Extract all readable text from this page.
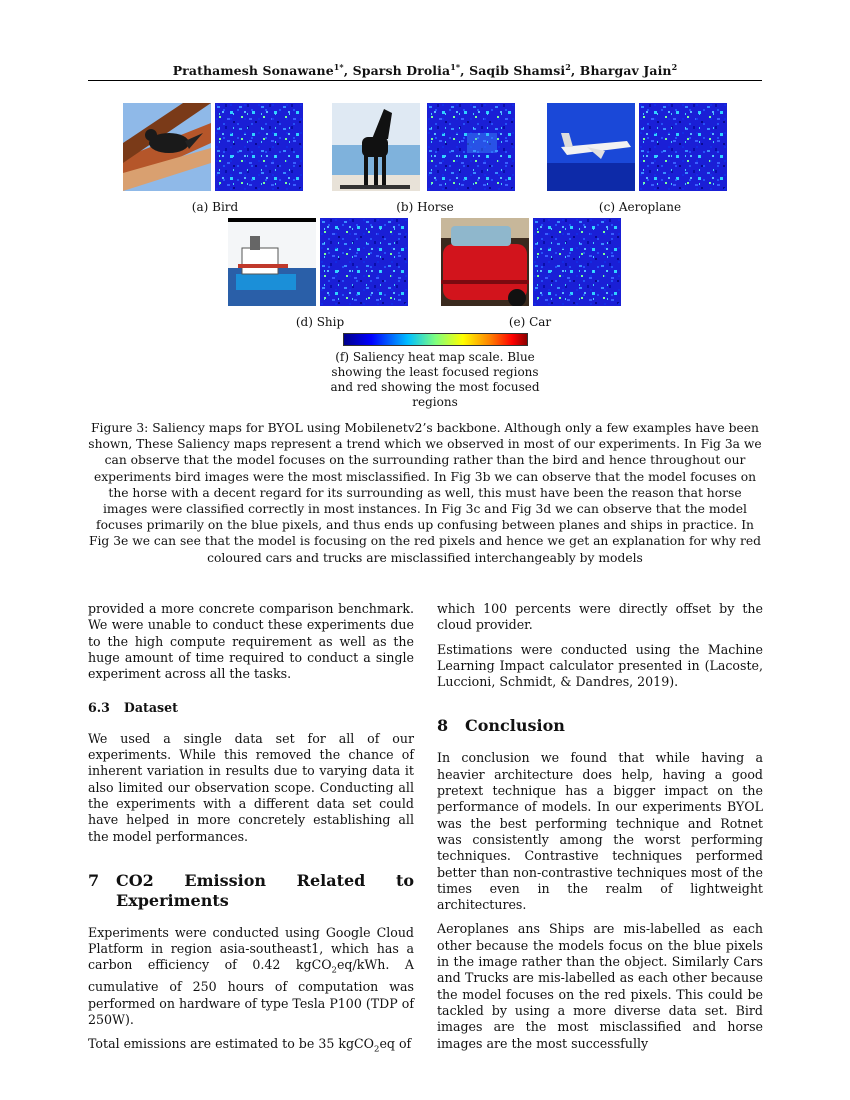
Prathamesh Sonawane$^{1*}$, Sparsh Drolia$^{1*}$, Saqib Shamsi$^2$, Bhargav Jain$^2$
(a) Bird	(b) Horse	(c) Aeroplane
(d) Ship	(e) Car
(f) Saliency heat map scale. Blue showing the least focused regions and red showing the most focused regions
Figure 3: Saliency maps for BYOL using Mobilenetv2’s backbone. Although only a few examples have been shown, These Saliency maps represent a trend which we observed in most of our experiments. In Fig 3a we can observe that the model focuses on the surrounding rather than the bird and hence throughout our experiments bird images were the most misclassified. In Fig 3b we can observe that the model focuses on the horse with a decent regard for its surrounding as well, this must have been the reason that horse images were classified correctly in most instances. In Fig 3c and Fig 3d we can observe that the model focuses primarily on the blue pixels, and thus ends up confusing between planes and ships in practice. In Fig 3e we can see that the model is focusing on the red pixels and hence we get an explanation for why red coloured cars and trucks are misclassified interchangeably by models

provided a more concrete comparison benchmark. We were unable to conduct these experiments due to the high compute requirement as well as the huge amount of time required to conduct a single experiment across all the tasks.

6.3 Dataset

We used a single data set for all of our experiments. While this removed the chance of inherent variation in results due to varying data it also limited our observation scope. Conducting all the experiments with a different data set could have helped in more concretely establishing all the model performances.

7	CO2 Emission Related to Experiments

Experiments were conducted using Google Cloud Platform in region asia-southeast1, which has a carbon efficiency of 0.42 kgCO$_2$eq/kWh. A cumulative of 250 hours of computation was performed on hardware of type Tesla P100 (TDP of 250W).

Total emissions are estimated to be 35 kgCO$_2$eq of

which 100 percents were directly offset by the cloud provider.

Estimations were conducted using the Machine Learning Impact calculator presented in (Lacoste, Luccioni, Schmidt, & Dandres, 2019).

8	Conclusion

In conclusion we found that while having a heavier architecture does help, having a good pretext technique has a bigger impact on the performance of models. In our experiments BYOL was the best performing technique and Rotnet was consistently among the worst performing techniques. Contrastive techniques performed better than non-contrastive techniques most of the times even in the realm of lightweight architectures.

Aeroplanes ans Ships are mis-labelled as each other because the models focus on the blue pixels in the image rather than the object. Similarly Cars and Trucks are mis-labelled as each other because the model focuses on the red pixels. This could be tackled by using a more diverse data set. Bird images are the most misclassified and horse images are the most successfully
